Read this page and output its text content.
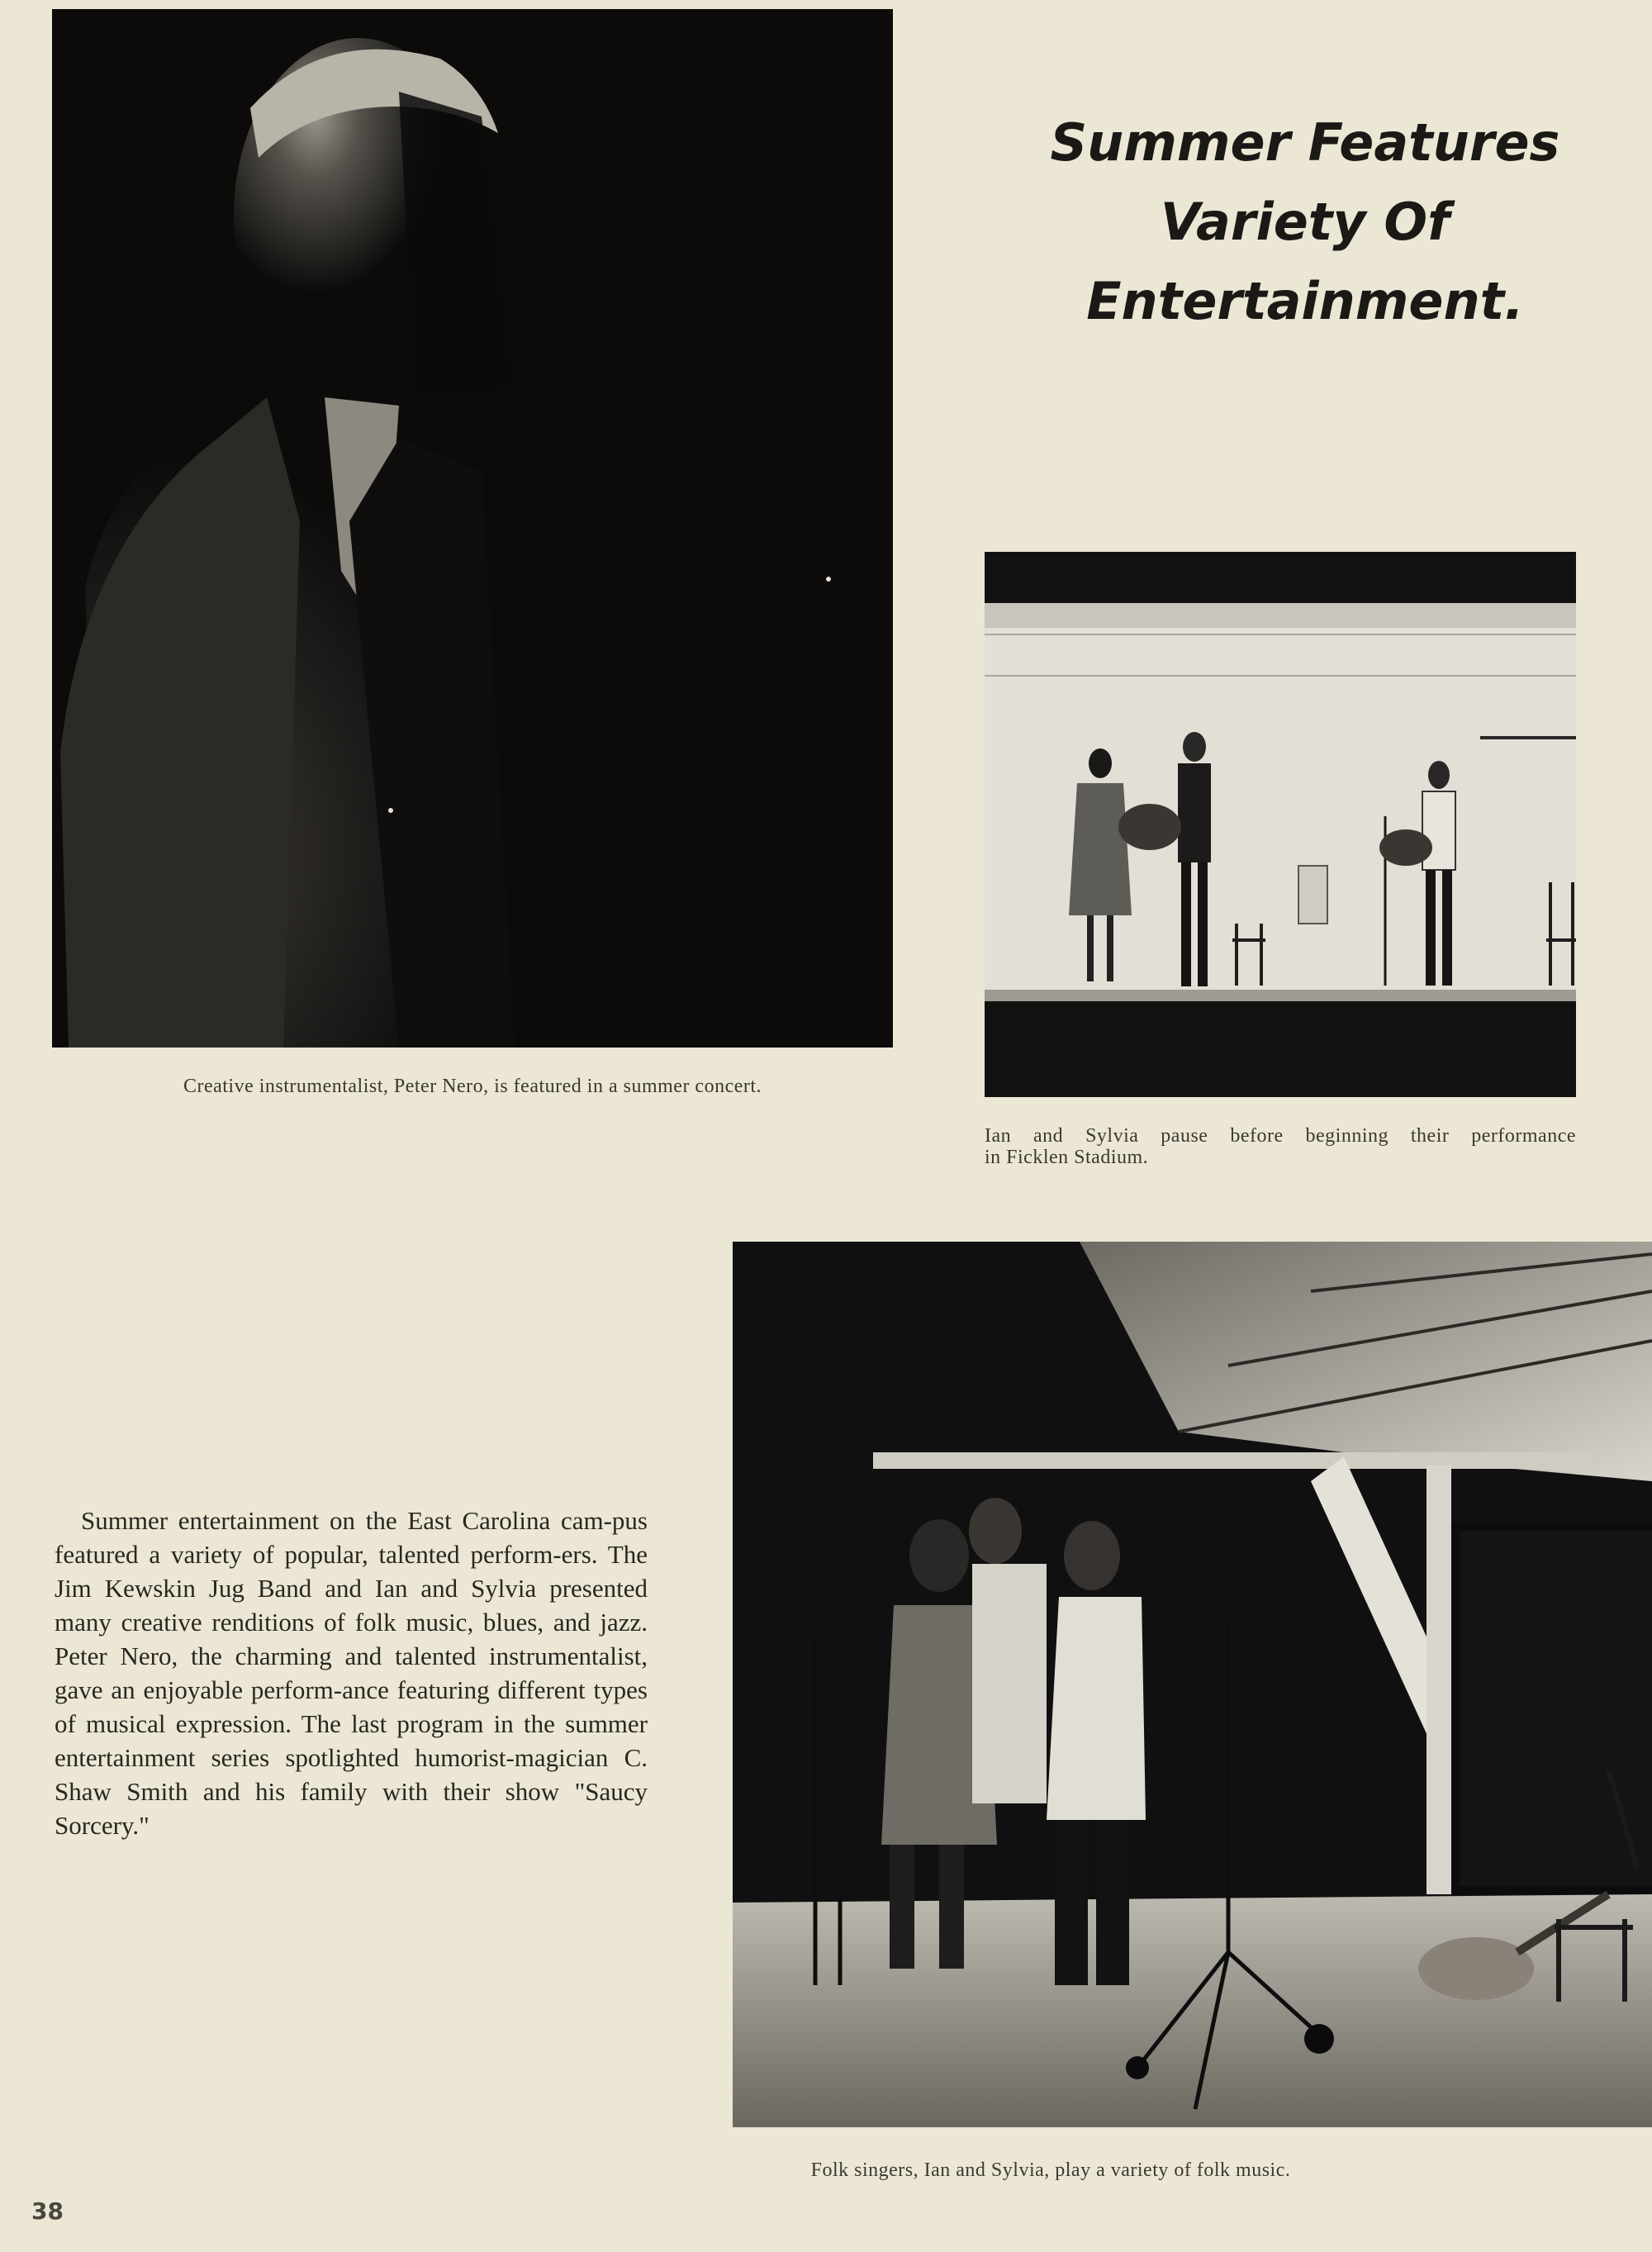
Creative instrumentalist, Peter Nero, is featured in a summer concert.
Summer Features
Variety Of
Entertainment.
Ian and Sylvia pause before beginning their performance
in Ficklen Stadium.
Summer entertainment on the East Carolina cam-pus featured a variety of popular, talented perform-ers. The Jim Kewskin Jug Band and Ian and Sylvia presented many creative renditions of folk music, blues, and jazz. Peter Nero, the charming and talented instrumentalist, gave an enjoyable perform-ance featuring different types of musical expression. The last program in the summer entertainment series spotlighted humorist-magician C. Shaw Smith and his family with their show "Saucy Sorcery."
Folk singers, Ian and Sylvia, play a variety of folk music.
38
